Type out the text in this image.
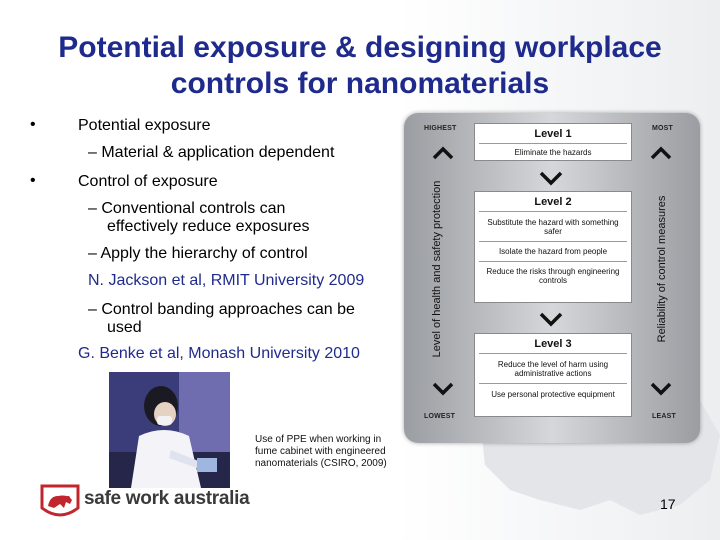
Potential exposure & designing workplace controls for nanomaterials
•	Potential exposure
– Material & application dependent
•	Control of exposure
– Conventional controls can
effectively reduce exposures
– Apply the hierarchy of control
N. Jackson et al, RMIT University 2009
– Control banding approaches can be
used
G. Benke et al, Monash University 2010
HIGHEST	MOST
LOWEST	LEAST
Level of health and safety protection	Reliability of control measures
Level 1
Eliminate the hazards
Level 2
Substitute the hazard with something safer
Isolate the hazard from people
Reduce the risks through engineering controls
Level 3
Reduce the level of harm using administrative actions
Use personal protective equipment
Use of PPE when working in fume cabinet with engineered nanomaterials (CSIRO, 2009)
safe work australia	17
